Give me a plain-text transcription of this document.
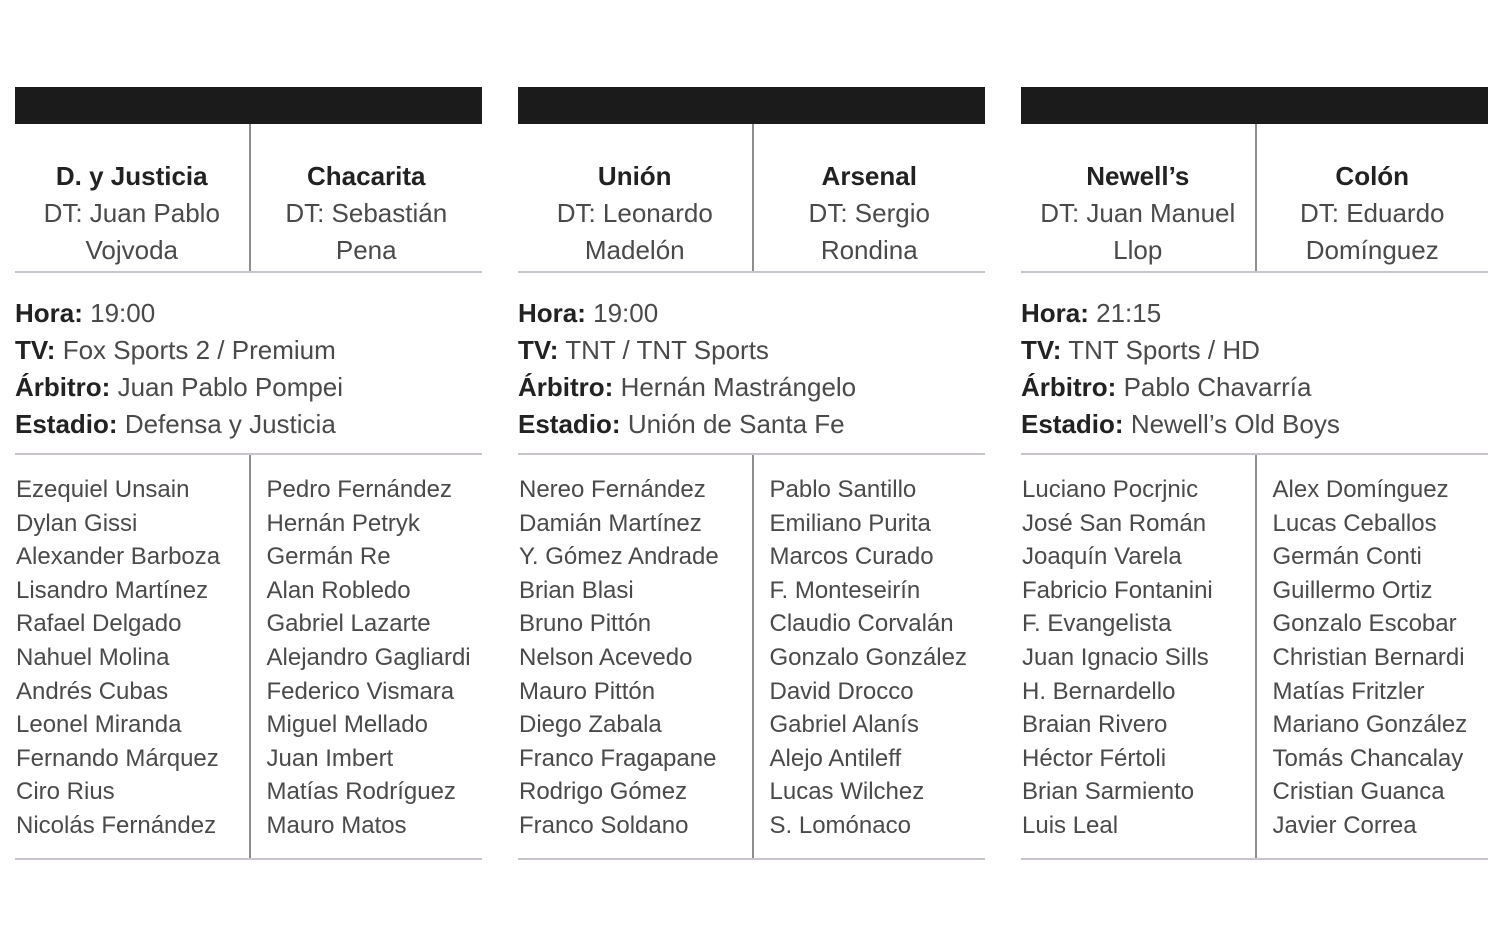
D. y Justicia
DT: Juan Pablo
Vojvoda
Chacarita
DT: Sebastián
Pena
Hora: 19:00
TV: Fox Sports 2 / Premium
Árbitro: Juan Pablo Pompei
Estadio: Defensa y Justicia
Ezequiel Unsain
Dylan Gissi
Alexander Barboza
Lisandro Martínez
Rafael Delgado
Nahuel Molina
Andrés Cubas
Leonel Miranda
Fernando Márquez
Ciro Rius
Nicolás Fernández
Pedro Fernández
Hernán Petryk
Germán Re
Alan Robledo
Gabriel Lazarte
Alejandro Gagliardi
Federico Vismara
Miguel Mellado
Juan Imbert
Matías Rodríguez
Mauro Matos
Unión
DT: Leonardo
Madelón
Arsenal
DT: Sergio
Rondina
Hora: 19:00
TV: TNT / TNT Sports
Árbitro: Hernán Mastrángelo
Estadio: Unión de Santa Fe
Nereo Fernández
Damián Martínez
Y. Gómez Andrade
Brian Blasi
Bruno Pittón
Nelson Acevedo
Mauro Pittón
Diego Zabala
Franco Fragapane
Rodrigo Gómez
Franco Soldano
Pablo Santillo
Emiliano Purita
Marcos Curado
F. Monteseirín
Claudio Corvalán
Gonzalo González
David Drocco
Gabriel Alanís
Alejo Antileff
Lucas Wilchez
S. Lomónaco
Newell’s
DT: Juan Manuel
Llop
Colón
DT: Eduardo
Domínguez
Hora: 21:15
TV: TNT Sports / HD
Árbitro: Pablo Chavarría
Estadio: Newell’s Old Boys
Luciano Pocrjnic
José San Román
Joaquín Varela
Fabricio Fontanini
F. Evangelista
Juan Ignacio Sills
H. Bernardello
Braian Rivero
Héctor Fértoli
Brian Sarmiento
Luis Leal
Alex Domínguez
Lucas Ceballos
Germán Conti
Guillermo Ortiz
Gonzalo Escobar
Christian Bernardi
Matías Fritzler
Mariano González
Tomás Chancalay
Cristian Guanca
Javier Correa
